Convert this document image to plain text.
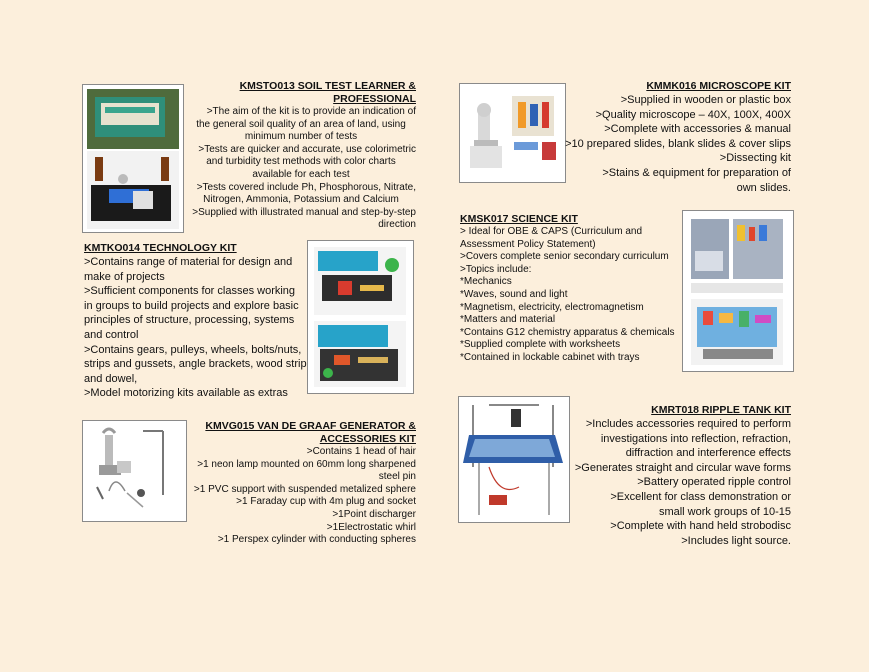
KMSTO013 SOIL TEST LEARNER & PROFESSIONAL
>The aim of the kit is to provide an indication of
the general soil quality of an area of land, using
minimum number of tests
>Tests are quicker and accurate, use colorimetric
and turbidity test methods with color charts
available for each test
>Tests covered include Ph, Phosphorous, Nitrate,
Nitrogen, Ammonia, Potassium and Calcium
>Supplied with illustrated manual and step-by-step
direction
KMTKO014 TECHNOLOGY KIT
>Contains range of material for design and
make of projects
>Sufficient components for classes working
in groups to build projects and explore basic
principles of structure, processing, systems
and control
>Contains gears, pulleys, wheels, bolts/nuts,
strips and gussets, angle brackets, wood strip
and dowel,
>Model motorizing kits available as extras
KMVG015 VAN DE GRAAF GENERATOR &
ACCESSORIES KIT
>Contains 1 head of hair
>1 neon lamp mounted on 60mm long sharpened
steel pin
>1 PVC support with suspended metalized sphere
>1 Faraday cup with 4m plug and socket
>1Point discharger
>1Electrostatic whirl
>1 Perspex cylinder with conducting spheres
KMMK016 MICROSCOPE KIT
>Supplied in wooden or plastic box
>Quality microscope – 40X, 100X, 400X
>Complete with accessories & manual
>10 prepared slides, blank slides & cover slips
>Dissecting kit
>Stains & equipment for preparation of
own slides.
KMSK017 SCIENCE KIT
> Ideal for OBE & CAPS (Curriculum and
Assessment Policy Statement)
>Covers complete senior secondary curriculum
>Topics include:
*Mechanics
*Waves, sound and light
*Magnetism, electricity, electromagnetism
*Matters and material
*Contains G12 chemistry apparatus & chemicals
*Supplied complete with worksheets
*Contained in lockable cabinet with trays
KMRT018 RIPPLE TANK KIT
>Includes accessories required to perform
investigations into reflection, refraction,
diffraction and interference effects
>Generates straight and circular wave forms
>Battery operated ripple control
>Excellent for class demonstration or
small work groups of 10-15
>Complete with hand held strobodisc
>Includes light source.
